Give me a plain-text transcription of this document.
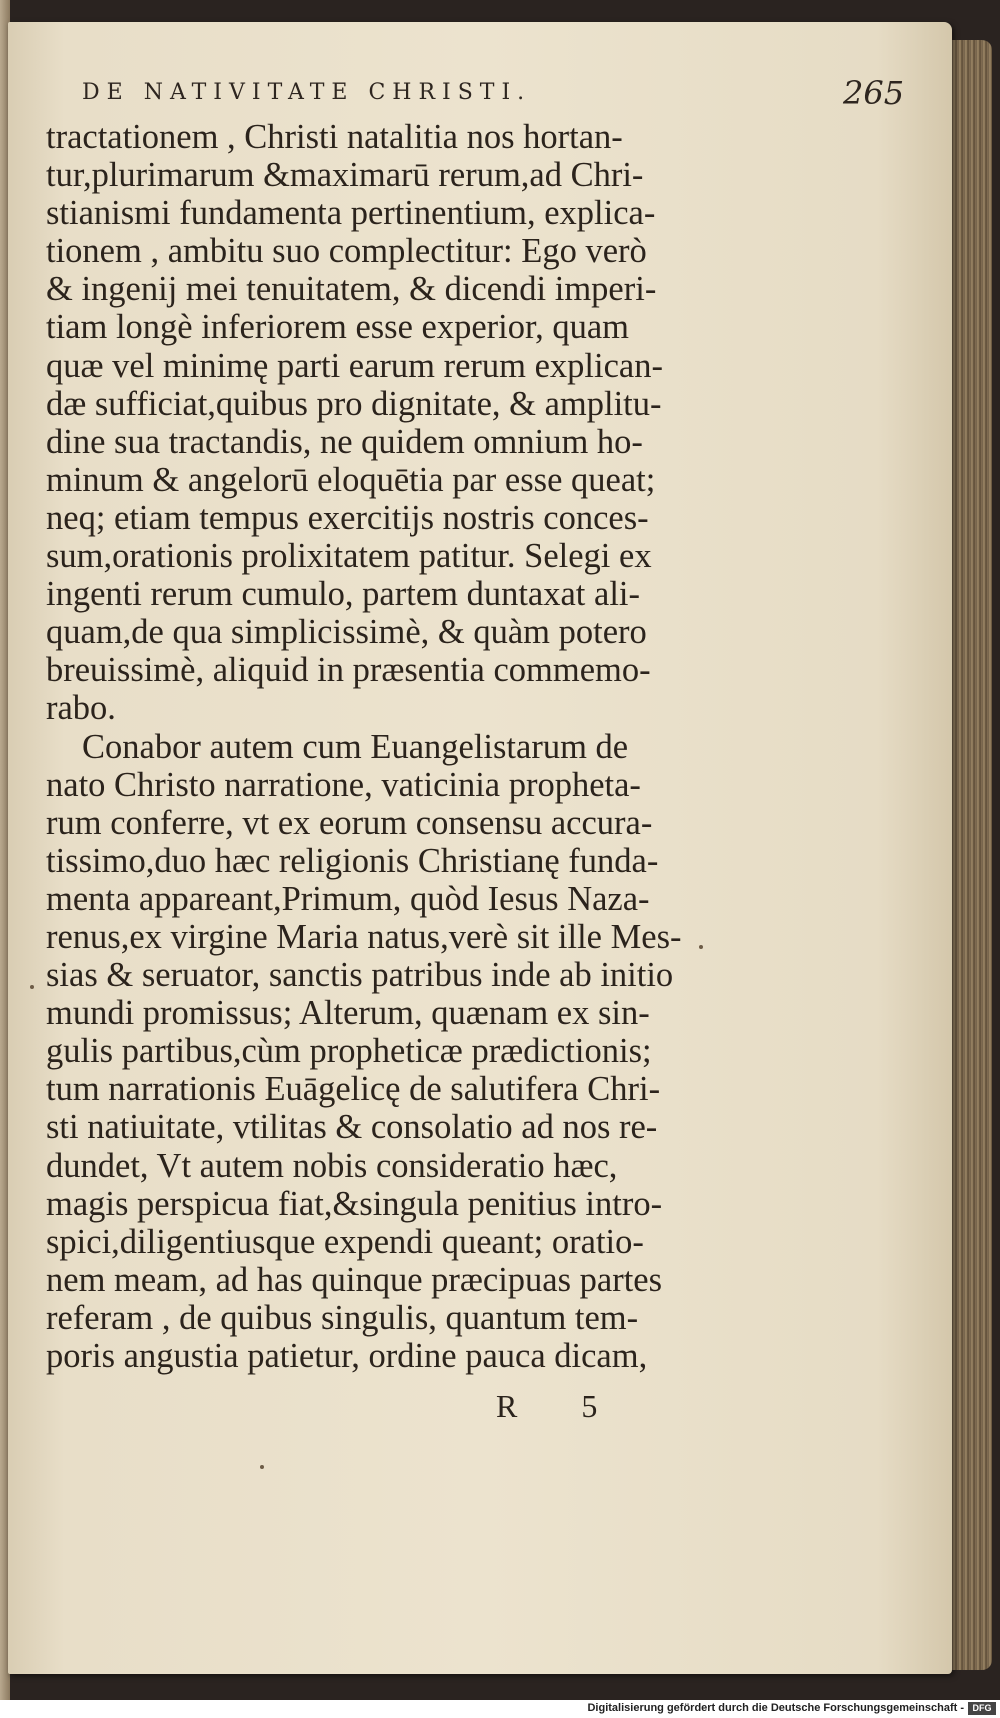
DE NATIVITATE CHRISTI.	265
tractationem , Christi natalitia nos hortan-
tur,plurimarum &maximarū rerum,ad Chri-
stianismi fundamenta pertinentium, explica-
tionem , ambitu suo complectitur: Ego verò
& ingenij mei tenuitatem, & dicendi imperi-
tiam longè inferiorem esse experior, quam
quæ vel minimę parti earum rerum explican-
dæ sufficiat,quibus pro dignitate, & amplitu-
dine sua tractandis, ne quidem omnium ho-
minum & angelorū eloquētia par esse queat;
neq; etiam tempus exercitijs nostris conces-
sum,orationis prolixitatem patitur. Selegi ex
ingenti rerum cumulo, partem duntaxat ali-
quam,de qua simplicissimè, & quàm potero
breuissimè, aliquid in præsentia commemo-
rabo.
Conabor autem cum Euangelistarum de
nato Christo narratione, vaticinia propheta-
rum conferre, vt ex eorum consensu accura-
tissimo,duo hæc religionis Christianę funda-
menta appareant,Primum, quòd Iesus Naza-
renus,ex virgine Maria natus,verè sit ille Mes-
sias & seruator, sanctis patribus inde ab initio
mundi promissus; Alterum, quænam ex sin-
gulis partibus,cùm propheticæ prædictionis;
tum narrationis Euāgelicę de salutifera Chri-
sti natiuitate, vtilitas & consolatio ad nos re-
dundet, Vt autem nobis consideratio hæc,
magis perspicua fiat,&singula penitius intro-
spici,diligentiusque expendi queant; oratio-
nem meam, ad has quinque præcipuas partes
referam , de quibus singulis, quantum tem-
poris angustia patietur, ordine pauca dicam,
R 5
Digitalisierung gefördert durch die Deutsche Forschungsgemeinschaft - DFG
